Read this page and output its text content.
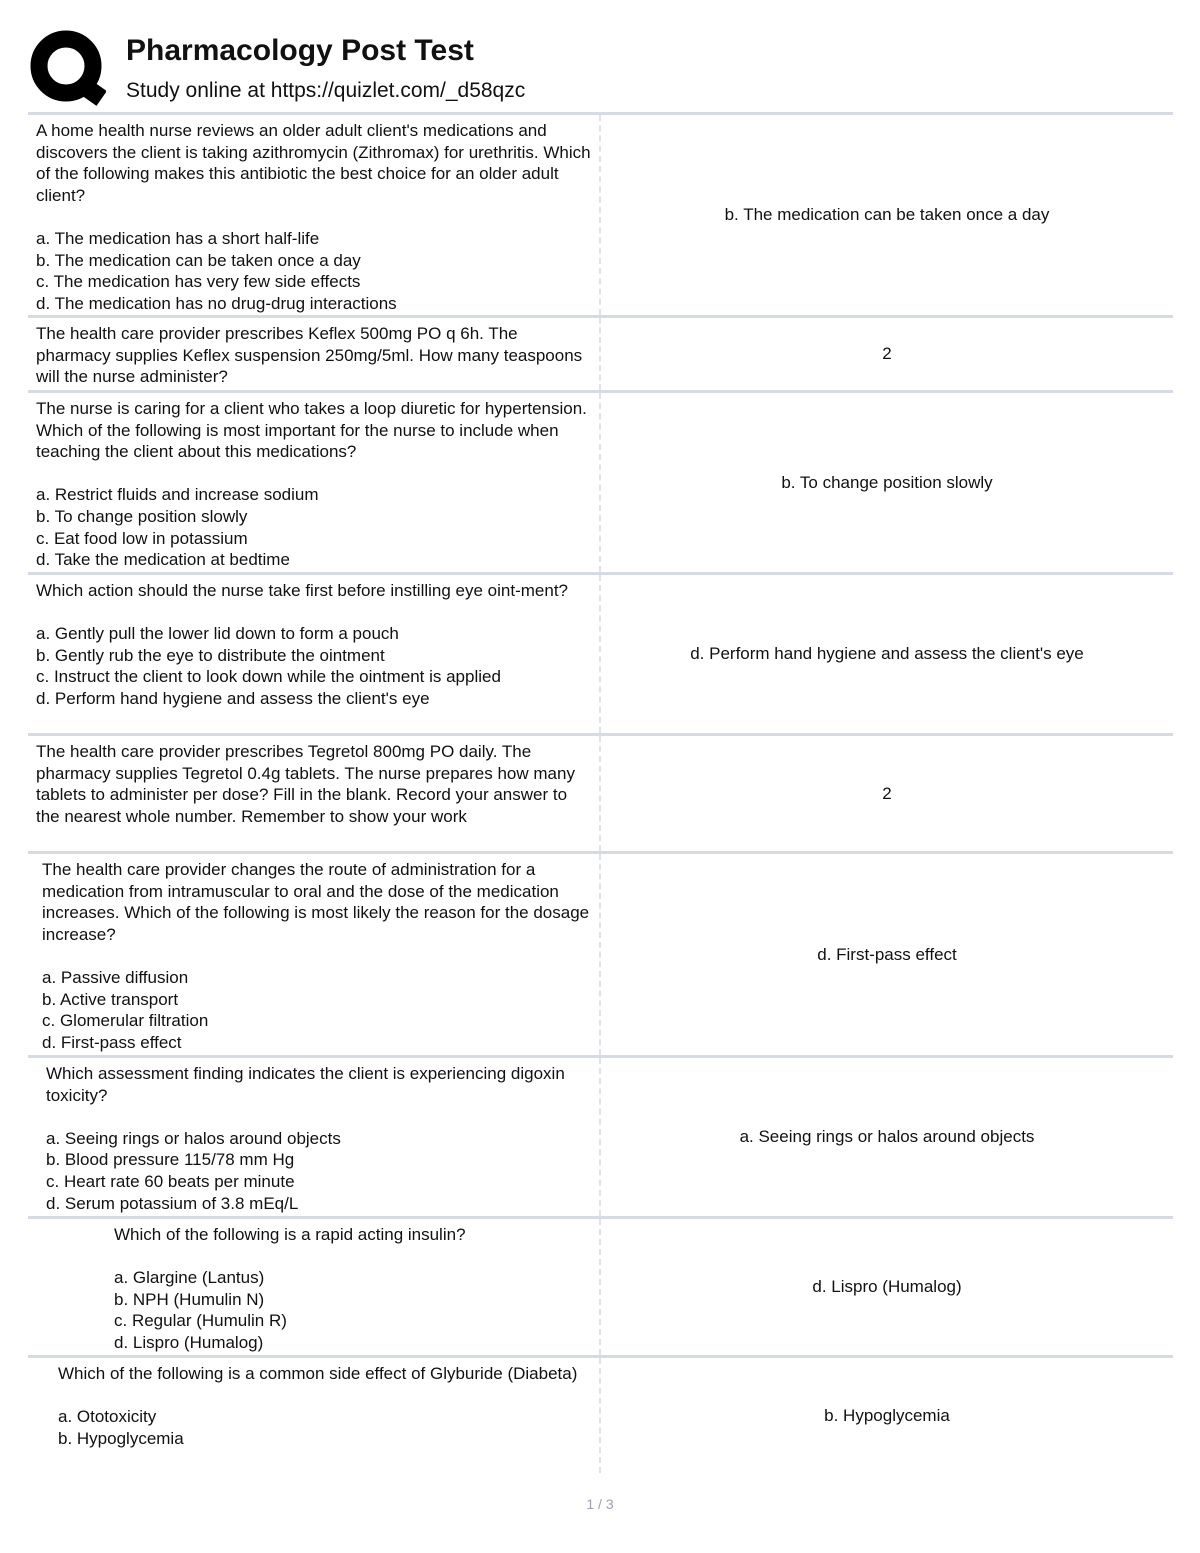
Pharmacology Post Test
Study online at https://quizlet.com/_d58qzc

A home health nurse reviews an older adult client's medications and discovers the client is taking azithromycin (Zithromax) for urethritis. Which of the following makes this antibiotic the best choice for an older adult client?

a. The medication has a short half-life

b. The medication can be taken once a day

c. The medication has very few side effects

d. The medication has no drug-drug interactions

b. The medication can be taken once a day

The health care provider prescribes Keflex 500mg PO q 6h. The pharmacy supplies Keflex suspension 250mg/5ml. How many teaspoons will the nurse administer?

2

The nurse is caring for a client who takes a loop diuretic for hypertension. Which of the following is most important for the nurse to include when teaching the client about this medications?

a. Restrict fluids and increase sodium

b. To change position slowly

c. Eat food low in potassium

d. Take the medication at bedtime

b. To change position slowly

Which action should the nurse take first before instilling eye oint-ment?

a. Gently pull the lower lid down to form a pouch

b. Gently rub the eye to distribute the ointment

c. Instruct the client to look down while the ointment is applied

d. Perform hand hygiene and assess the client's eye

d. Perform hand hygiene and assess the client's eye

The health care provider prescribes Tegretol 800mg PO daily. The pharmacy supplies Tegretol 0.4g tablets. The nurse prepares how many tablets to administer per dose? Fill in the blank. Record your answer to the nearest whole number. Remember to show your work

2

The health care provider changes the route of administration for a medication from intramuscular to oral and the dose of the medication increases. Which of the following is most likely the reason for the dosage increase?

a. Passive diffusion

b. Active transport

c. Glomerular filtration

d. First-pass effect

d. First-pass effect

Which assessment finding indicates the client is experiencing digoxin toxicity?

a. Seeing rings or halos around objects

b. Blood pressure 115/78 mm Hg

c. Heart rate 60 beats per minute

d. Serum potassium of 3.8 mEq/L

a. Seeing rings or halos around objects

Which of the following is a rapid acting insulin?

a. Glargine (Lantus)

b. NPH (Humulin N)

c. Regular (Humulin R)

d. Lispro (Humalog)

d. Lispro (Humalog)

Which of the following is a common side effect of Glyburide (Diabeta)

a. Ototoxicity

b. Hypoglycemia

b. Hypoglycemia
1 / 3
